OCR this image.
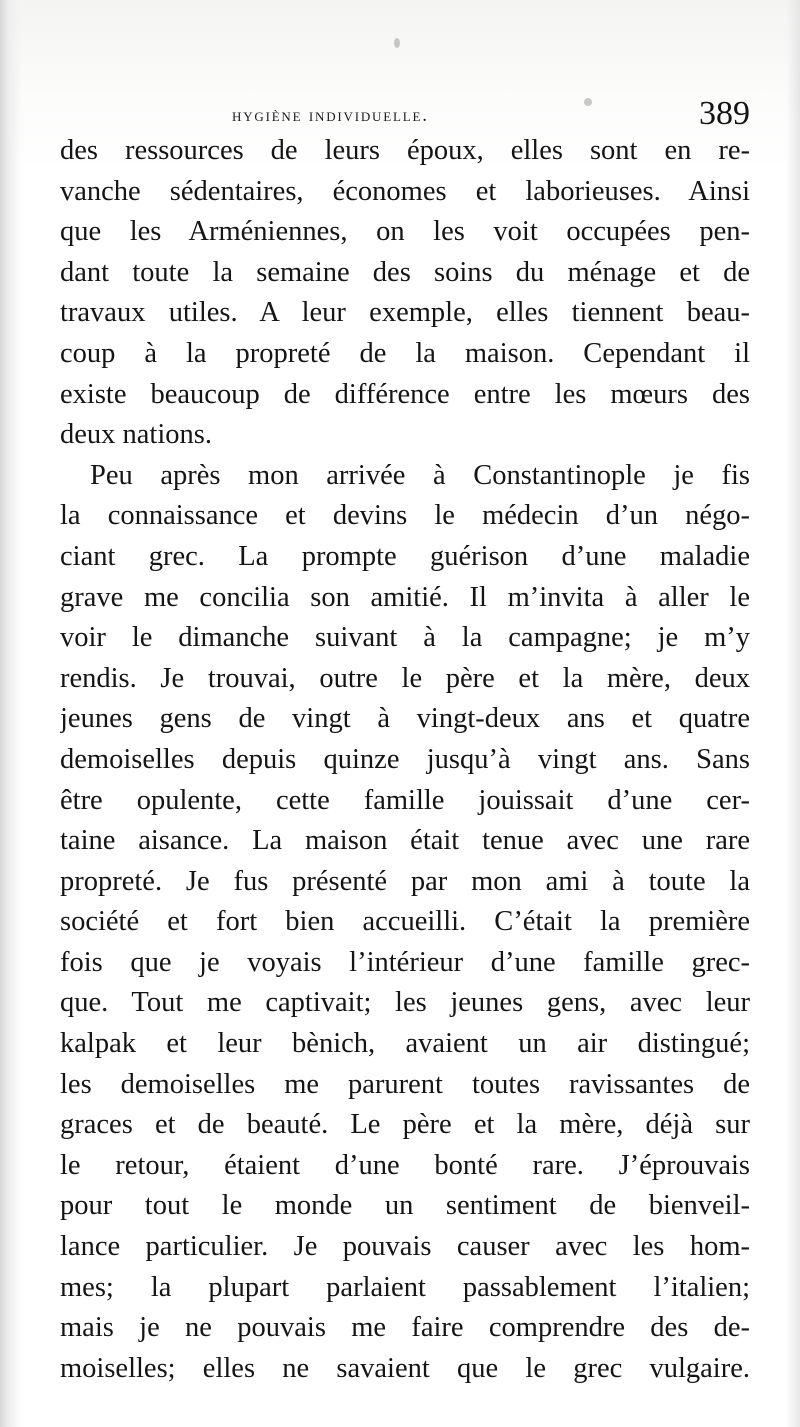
hygiène individuelle.	389
des ressources de leurs époux, elles sont en re-
vanche sédentaires, économes et laborieuses. Ainsi
que les Arméniennes, on les voit occupées pen-
dant toute la semaine des soins du ménage et de
travaux utiles. A leur exemple, elles tiennent beau-
coup à la propreté de la maison. Cependant il
existe beaucoup de différence entre les mœurs des
deux nations.
Peu après mon arrivée à Constantinople je fis
la connaissance et devins le médecin d’un négo-
ciant grec. La prompte guérison d’une maladie
grave me concilia son amitié. Il m’invita à aller le
voir le dimanche suivant à la campagne; je m’y
rendis. Je trouvai, outre le père et la mère, deux
jeunes gens de vingt à vingt-deux ans et quatre
demoiselles depuis quinze jusqu’à vingt ans. Sans
être opulente, cette famille jouissait d’une cer-
taine aisance. La maison était tenue avec une rare
propreté. Je fus présenté par mon ami à toute la
société et fort bien accueilli. C’était la première
fois que je voyais l’intérieur d’une famille grec-
que. Tout me captivait; les jeunes gens, avec leur
kalpak et leur bènich, avaient un air distingué;
les demoiselles me parurent toutes ravissantes de
graces et de beauté. Le père et la mère, déjà sur
le retour, étaient d’une bonté rare. J’éprouvais
pour tout le monde un sentiment de bienveil-
lance particulier. Je pouvais causer avec les hom-
mes; la plupart parlaient passablement l’italien;
mais je ne pouvais me faire comprendre des de-
moiselles; elles ne savaient que le grec vulgaire.
